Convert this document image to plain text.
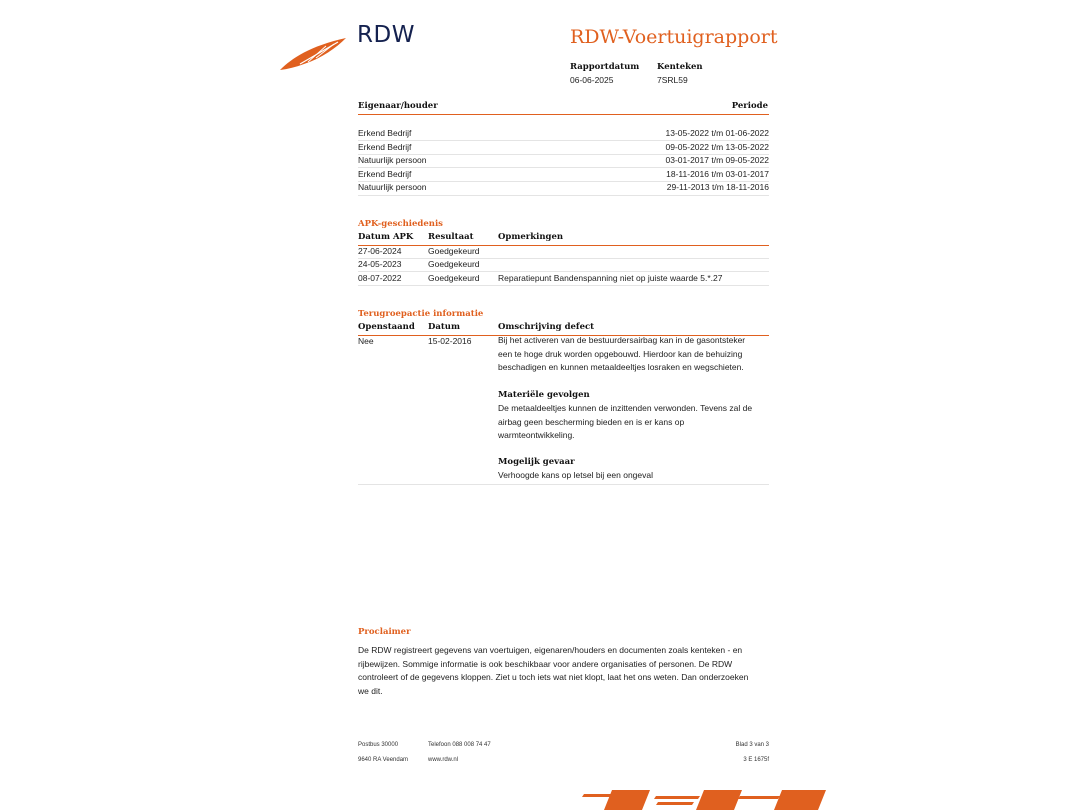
RDW	RDW-Voertuigrapport
Rapportdatum
06-06-2025
Kenteken
7SRL59
Eigenaar/houder	Periode
Erkend Bedrijf	13-05-2022 t/m 01-06-2022
Erkend Bedrijf	09-05-2022 t/m 13-05-2022
Natuurlijk persoon	03-01-2017 t/m 09-05-2022
Erkend Bedrijf	18-11-2016 t/m 03-01-2017
Natuurlijk persoon	29-11-2013 t/m 18-11-2016
APK-geschiedenis
Datum APK Resultaat	Opmerkingen
27-06-2024	Goedgekeurd
24-05-2023	Goedgekeurd
08-07-2022	Goedgekeurd Reparatiepunt Bandenspanning niet op juiste waarde 5.*.27
Terugroepactie informatie
Openstaand Datum	Omschrijving defect
Nee	15-02-2016	Bij het activeren van de bestuurdersairbag kan in de gasontsteker
een te hoge druk worden opgebouwd. Hierdoor kan de behuizing
beschadigen en kunnen metaaldeeltjes losraken en wegschieten.
Materiële gevolgen
De metaaldeeltjes kunnen de inzittenden verwonden. Tevens zal de
airbag geen bescherming bieden en is er kans op
warmteontwikkeling.
Mogelijk gevaar
Verhoogde kans op letsel bij een ongeval
Proclaimer
De RDW registreert gegevens van voertuigen, eigenaren/houders en documenten zoals kenteken - en
rijbewijzen. Sommige informatie is ook beschikbaar voor andere organisaties of personen. De RDW
controleert of de gegevens kloppen. Ziet u toch iets wat niet klopt, laat het ons weten. Dan onderzoeken
we dit.
Postbus 30000
9640 RA Veendam
Telefoon 088 008 74 47
www.rdw.nl
Blad 3 van 3
3 E 1675f
